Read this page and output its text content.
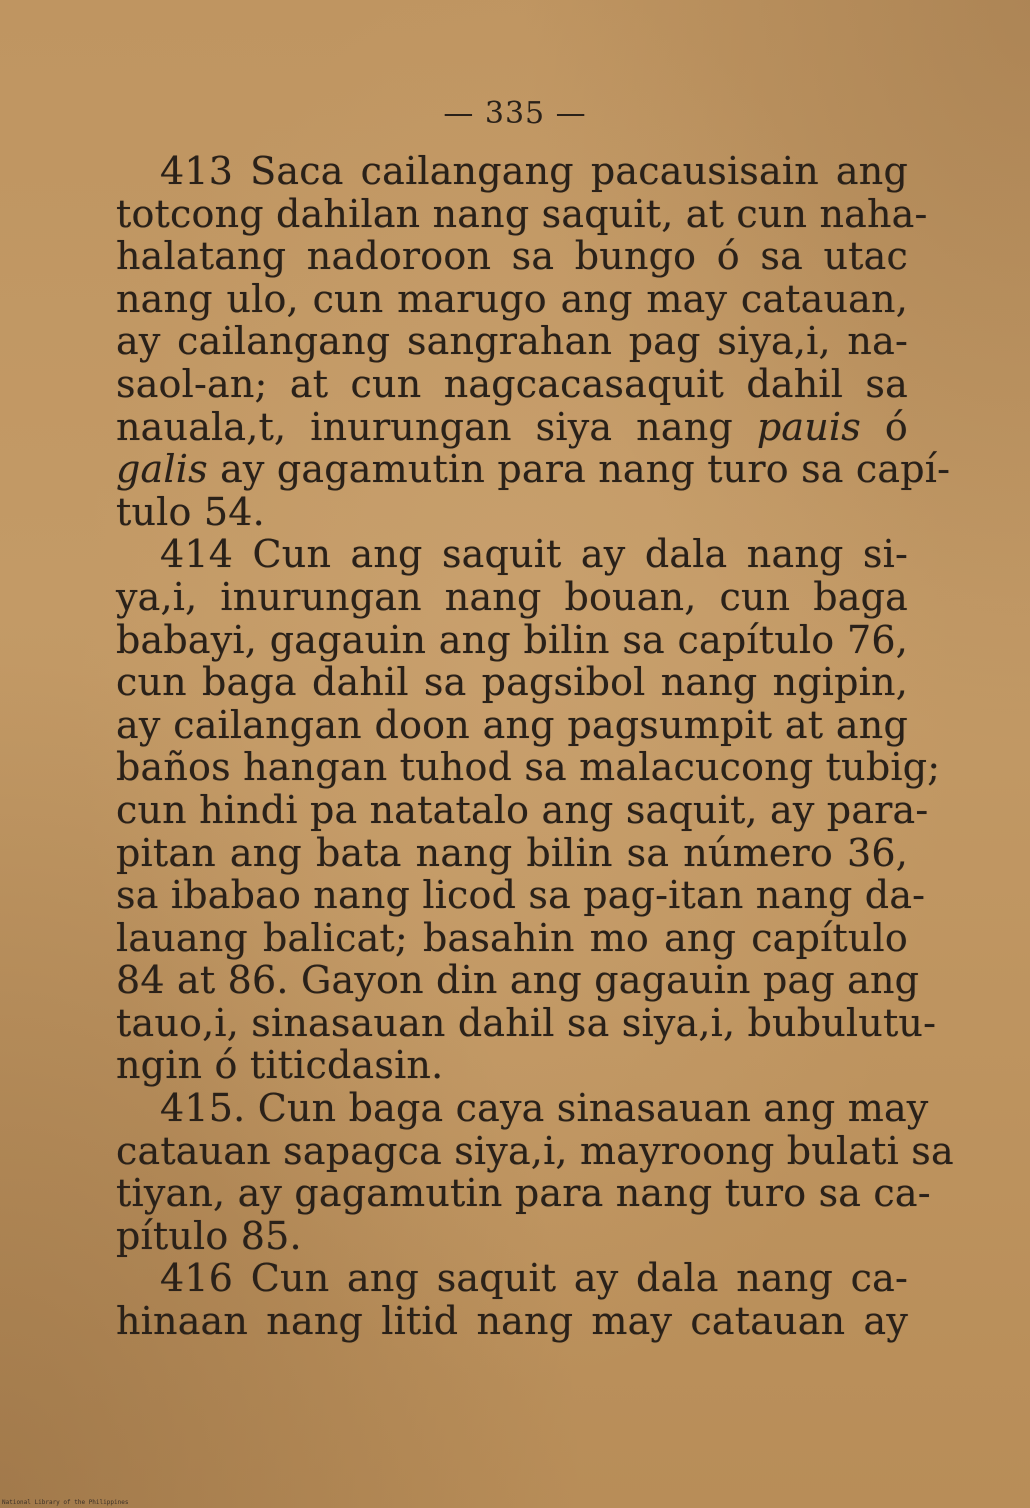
— 335 —
413 Saca cailangang pacausisain ang
totcong dahilan nang saquit, at cun naha-
halatang nadoroon sa bungo ó sa utac
nang ulo, cun marugo ang may catauan,
ay cailangang sangrahan pag siya,i, na-
saol-an; at cun nagcacasaquit dahil sa
nauala,t, inurungan siya nang pauis ó
galis ay gagamutin para nang turo sa capí-
tulo 54.
414 Cun ang saquit ay dala nang si-
ya,i, inurungan nang bouan, cun baga
babayi, gagauin ang bilin sa capítulo 76,
cun baga dahil sa pagsibol nang ngipin,
ay cailangan doon ang pagsumpit at ang
baños hangan tuhod sa malacucong tubig;
cun hindi pa natatalo ang saquit, ay para-
pitan ang bata nang bilin sa número 36,
sa ibabao nang licod sa pag-itan nang da-
lauang balicat; basahin mo ang capítulo
84 at 86. Gayon din ang gagauin pag ang
tauo,i, sinasauan dahil sa siya,i, bubulutu-
ngin ó titicdasin.
415. Cun baga caya sinasauan ang may
catauan sapagca siya,i, mayroong bulati sa
tiyan, ay gagamutin para nang turo sa ca-
pítulo 85.
416 Cun ang saquit ay dala nang ca-
hinaan nang litid nang may catauan ay
National Library of the Philippines
